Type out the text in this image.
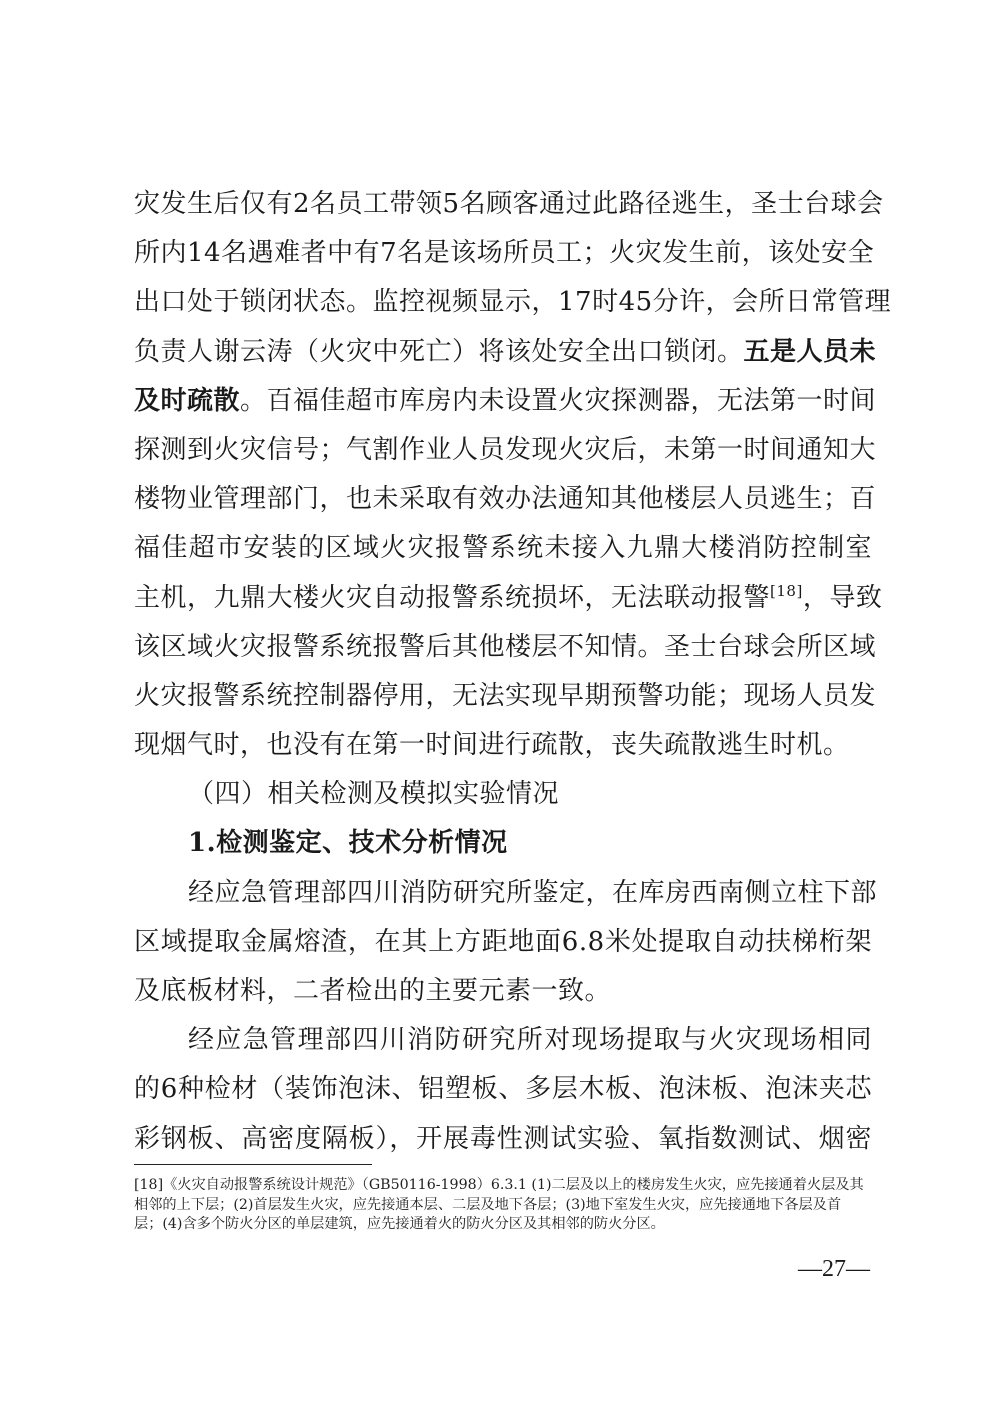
灾发生后仅有2名员工带领5名顾客通过此路径逃生，圣士台球会
所内14名遇难者中有7名是该场所员工；火灾发生前，该处安全
出口处于锁闭状态。监控视频显示，17时45分许，会所日常管理
负责人谢云涛（火灾中死亡）将该处安全出口锁闭。五是人员未
及时疏散。百福佳超市库房内未设置火灾探测器，无法第一时间
探测到火灾信号；气割作业人员发现火灾后，未第一时间通知大
楼物业管理部门，也未采取有效办法通知其他楼层人员逃生；百
福佳超市安装的区域火灾报警系统未接入九鼎大楼消防控制室
主机，九鼎大楼火灾自动报警系统损坏，无法联动报警[18]，导致
该区域火灾报警系统报警后其他楼层不知情。圣士台球会所区域
火灾报警系统控制器停用，无法实现早期预警功能；现场人员发
现烟气时，也没有在第一时间进行疏散，丧失疏散逃生时机。
（四）相关检测及模拟实验情况
1.检测鉴定、技术分析情况
经应急管理部四川消防研究所鉴定，在库房西南侧立柱下部
区域提取金属熔渣，在其上方距地面6.8米处提取自动扶梯桁架
及底板材料，二者检出的主要元素一致。
经应急管理部四川消防研究所对现场提取与火灾现场相同
的6种检材（装饰泡沫、铝塑板、多层木板、泡沫板、泡沫夹芯
彩钢板、高密度隔板），开展毒性测试实验、氧指数测试、烟密
[18]《火灾自动报警系统设计规范》（GB50116-1998）6.3.1 (1)二层及以上的楼房发生火灾，应先接通着火层及其
相邻的上下层；(2)首层发生火灾，应先接通本层、二层及地下各层；(3)地下室发生火灾，应先接通地下各层及首
层；(4)含多个防火分区的单层建筑，应先接通着火的防火分区及其相邻的防火分区。
—27—
